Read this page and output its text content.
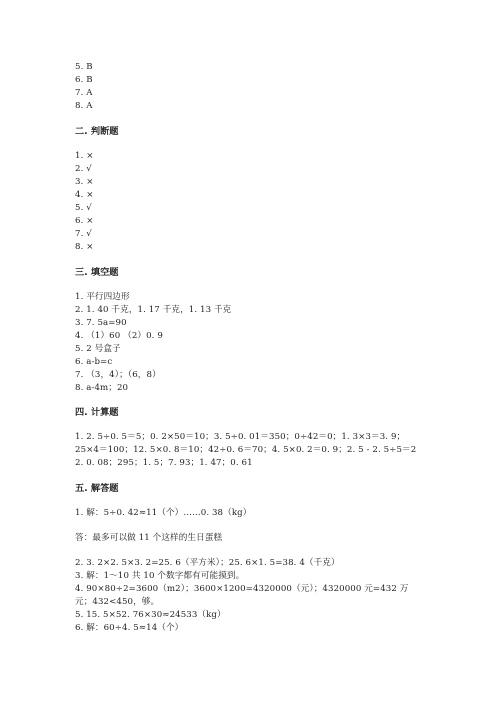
5. B
6. B
7. A
8. A
二. 判断题
1. ×
2. √
3. ×
4. ×
5. √
6. ×
7. √
8. ×
三. 填空题
1. 平行四边形
2. 1. 40 千克，1. 17 千克，1. 13 千克
3. 7. 5a=90
4. （1）60 （2）0. 9
5. 2 号盒子
6. a-b=c
7. （3，4）；（6，8）
8. a-4m；20
四. 计算题
1. 2. 5÷0. 5＝5；0. 2×50＝10；3. 5÷0. 01＝350；0÷42＝0；1. 3×3＝3. 9；
25×4＝100；12. 5×0. 8＝10；42÷0. 6＝70；4. 5×0. 2＝0. 9；2. 5 - 2. 5÷5＝2
2. 0. 08；295；1. 5；7. 93；1. 47；0. 61
五. 解答题
1. 解：5÷0. 42≈11（个）……0. 38（kg）
答：最多可以做 11 个这样的生日蛋糕
2. 3. 2×2. 5×3. 2=25. 6（平方米）；25. 6×1. 5=38. 4（千克）
3. 解：1～10 共 10 个数字都有可能摸到。
4. 90×80÷2=3600（m2）；3600×1200=4320000（元）；4320000 元=432 万
元；432<450，够。
5. 15. 5×52. 76×30≈24533（kg）
6. 解：60÷4. 5≈14（个）
